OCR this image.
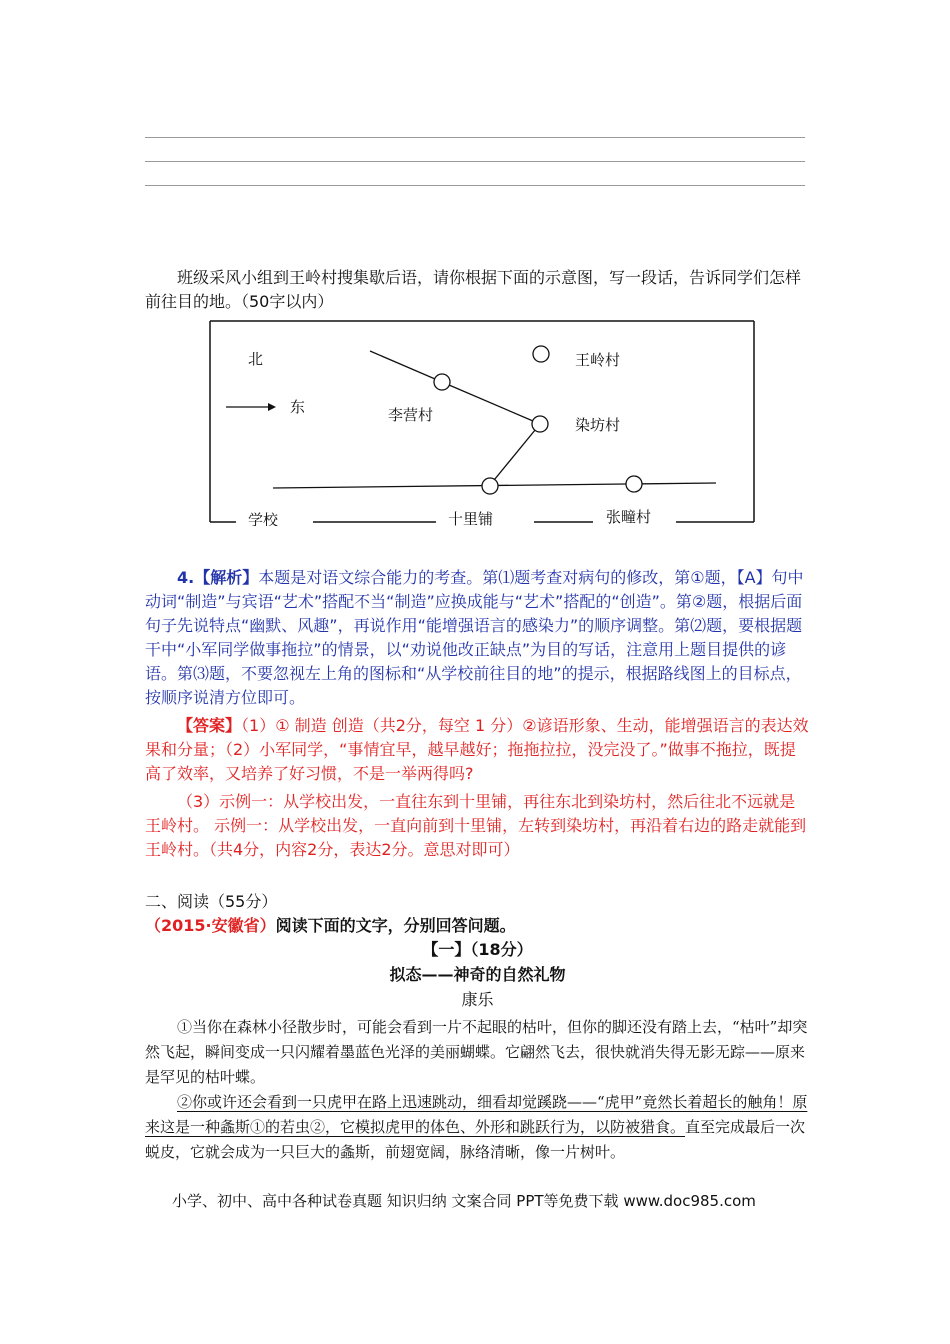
班级采风小组到王岭村搜集歇后语，请你根据下面的示意图，写一段话，告诉同学们怎样前往目的地。（50字以内）

北
东
王岭村
李营村
染坊村
学校	十里铺	张疃村

4.【解析】本题是对语文综合能力的考查。第⑴题考查对病句的修改，第①题，【A】句中动词“制造”与宾语“艺术”搭配不当“制造”应换成能与“艺术”搭配的“创造”。第②题，根据后面句子先说特点“幽默、风趣”，再说作用“能增强语言的感染力”的顺序调整。第⑵题，要根据题干中“小军同学做事拖拉”的情景，以“劝说他改正缺点”为目的写话，注意用上题目提供的谚语。第⑶题，不要忽视左上角的图标和“从学校前往目的地”的提示，根据路线图上的目标点，按顺序说清方位即可。

【答案】（1）① 制造 创造（共2分，每空 1 分）②谚语形象、生动，能增强语言的表达效果和分量；（2）小军同学，“事情宜早，越早越好；拖拖拉拉，没完没了。”做事不拖拉，既提高了效率，又培养了好习惯，不是一举两得吗?

（3）示例一：从学校出发，一直往东到十里铺，再往东北到染坊村，然后往北不远就是王岭村。 示例一：从学校出发，一直向前到十里铺，左转到染坊村，再沿着右边的路走就能到王岭村。（共4分，内容2分，表达2分。意思对即可）

二、阅读（55分）

（2015·安徽省）阅读下面的文字，分别回答问题。

【一】（18分）

拟态——神奇的自然礼物

康乐

①当你在森林小径散步时，可能会看到一片不起眼的枯叶，但你的脚还没有踏上去，“枯叶”却突然飞起，瞬间变成一只闪耀着墨蓝色光泽的美丽蝴蝶。它翩然飞去，很快就消失得无影无踪——原来是罕见的枯叶蝶。

②你或许还会看到一只虎甲在路上迅速跳动，细看却觉蹊跷——“虎甲”竟然长着超长的触角！原来这是一种螽斯①的若虫②，它模拟虎甲的体色、外形和跳跃行为，以防被猎食。直至完成最后一次蜕皮，它就会成为一只巨大的螽斯，前翅宽阔，脉络清晰，像一片树叶。

小学、初中、高中各种试卷真题 知识归纳 文案合同 PPT等免费下载 www.doc985.com
